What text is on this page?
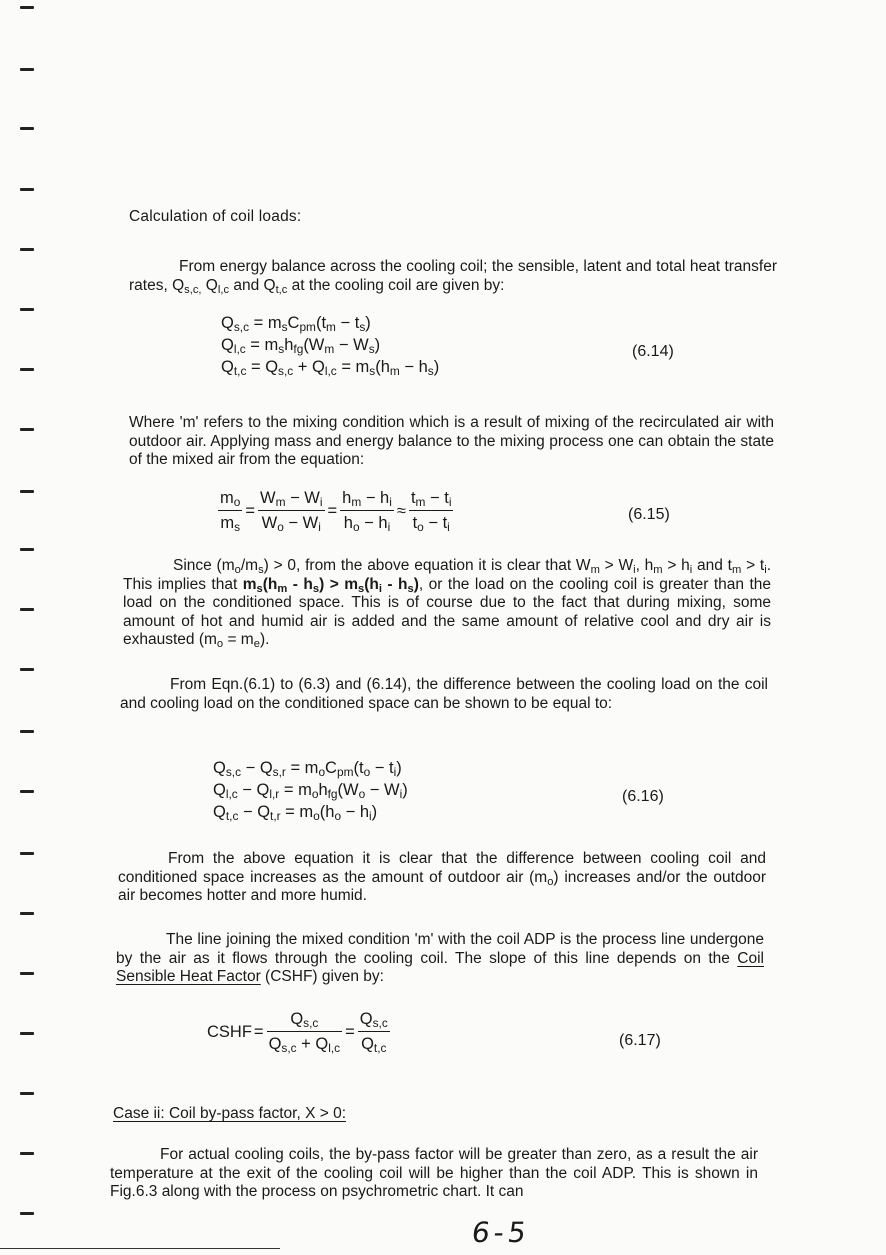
Calculation of coil loads:
From energy balance across the cooling coil; the sensible, latent and total heat transfer rates, $Q_{s,c,}$ $Q_{l,c}$ and $Q_{t,c}$ at the cooling coil are given by:
$Q_{s,c} = m_sC_{pm}(t_m - t_s)$
$Q_{l,c} = m_sh_{fg}(W_m - W_s)$
$Q_{t,c} = Q_{s,c} + Q_{l,c} = m_s(h_m - h_s)$
(6.14)
Where 'm' refers to the mixing condition which is a result of mixing of the recirculated air with outdoor air. Applying mass and energy balance to the mixing process one can obtain the state of the mixed air from the equation:
$\frac{m_o}{m_s} = \frac{W_m - W_i}{W_o - W_i} = \frac{h_m - h_i}{h_o - h_i} \approx \frac{t_m - t_i}{t_o - t_i}$	(6.15)
Since $(m_o/m_s) > 0$, from the above equation it is clear that $W_m > W_i$, $h_m > h_i$ and $t_m > t_i$. This implies that $m_s(h_m - h_s) > m_s(h_i - h_s)$, or the load on the cooling coil is greater than the load on the conditioned space. This is of course due to the fact that during mixing, some amount of hot and humid air is added and the same amount of relative cool and dry air is exhausted $(m_o = m_e)$.
From Eqn.(6.1) to (6.3) and (6.14), the difference between the cooling load on the coil and cooling load on the conditioned space can be shown to be equal to:
$Q_{s,c} - Q_{s,r} = m_oC_{pm}(t_o - t_i)$
$Q_{l,c} - Q_{l,r} = m_oh_{fg}(W_o - W_i)$
$Q_{t,c} - Q_{t,r} = m_o(h_o - h_i)$
(6.16)
From the above equation it is clear that the difference between cooling coil and conditioned space increases as the amount of outdoor air $(m_o)$ increases and/or the outdoor air becomes hotter and more humid.
The line joining the mixed condition 'm' with the coil ADP is the process line undergone by the air as it flows through the cooling coil. The slope of this line depends on the Coil Sensible Heat Factor (CSHF) given by:
CSHF = $\frac{Q_{s,c}}{Q_{s,c} + Q_{l,c}} = \frac{Q_{s,c}}{Q_{t,c}}$	(6.17)
Case ii: Coil by-pass factor, X > 0:
For actual cooling coils, the by-pass factor will be greater than zero, as a result the air temperature at the exit of the cooling coil will be higher than the coil ADP. This is shown in Fig.6.3 along with the process on psychrometric chart. It can
6-5
